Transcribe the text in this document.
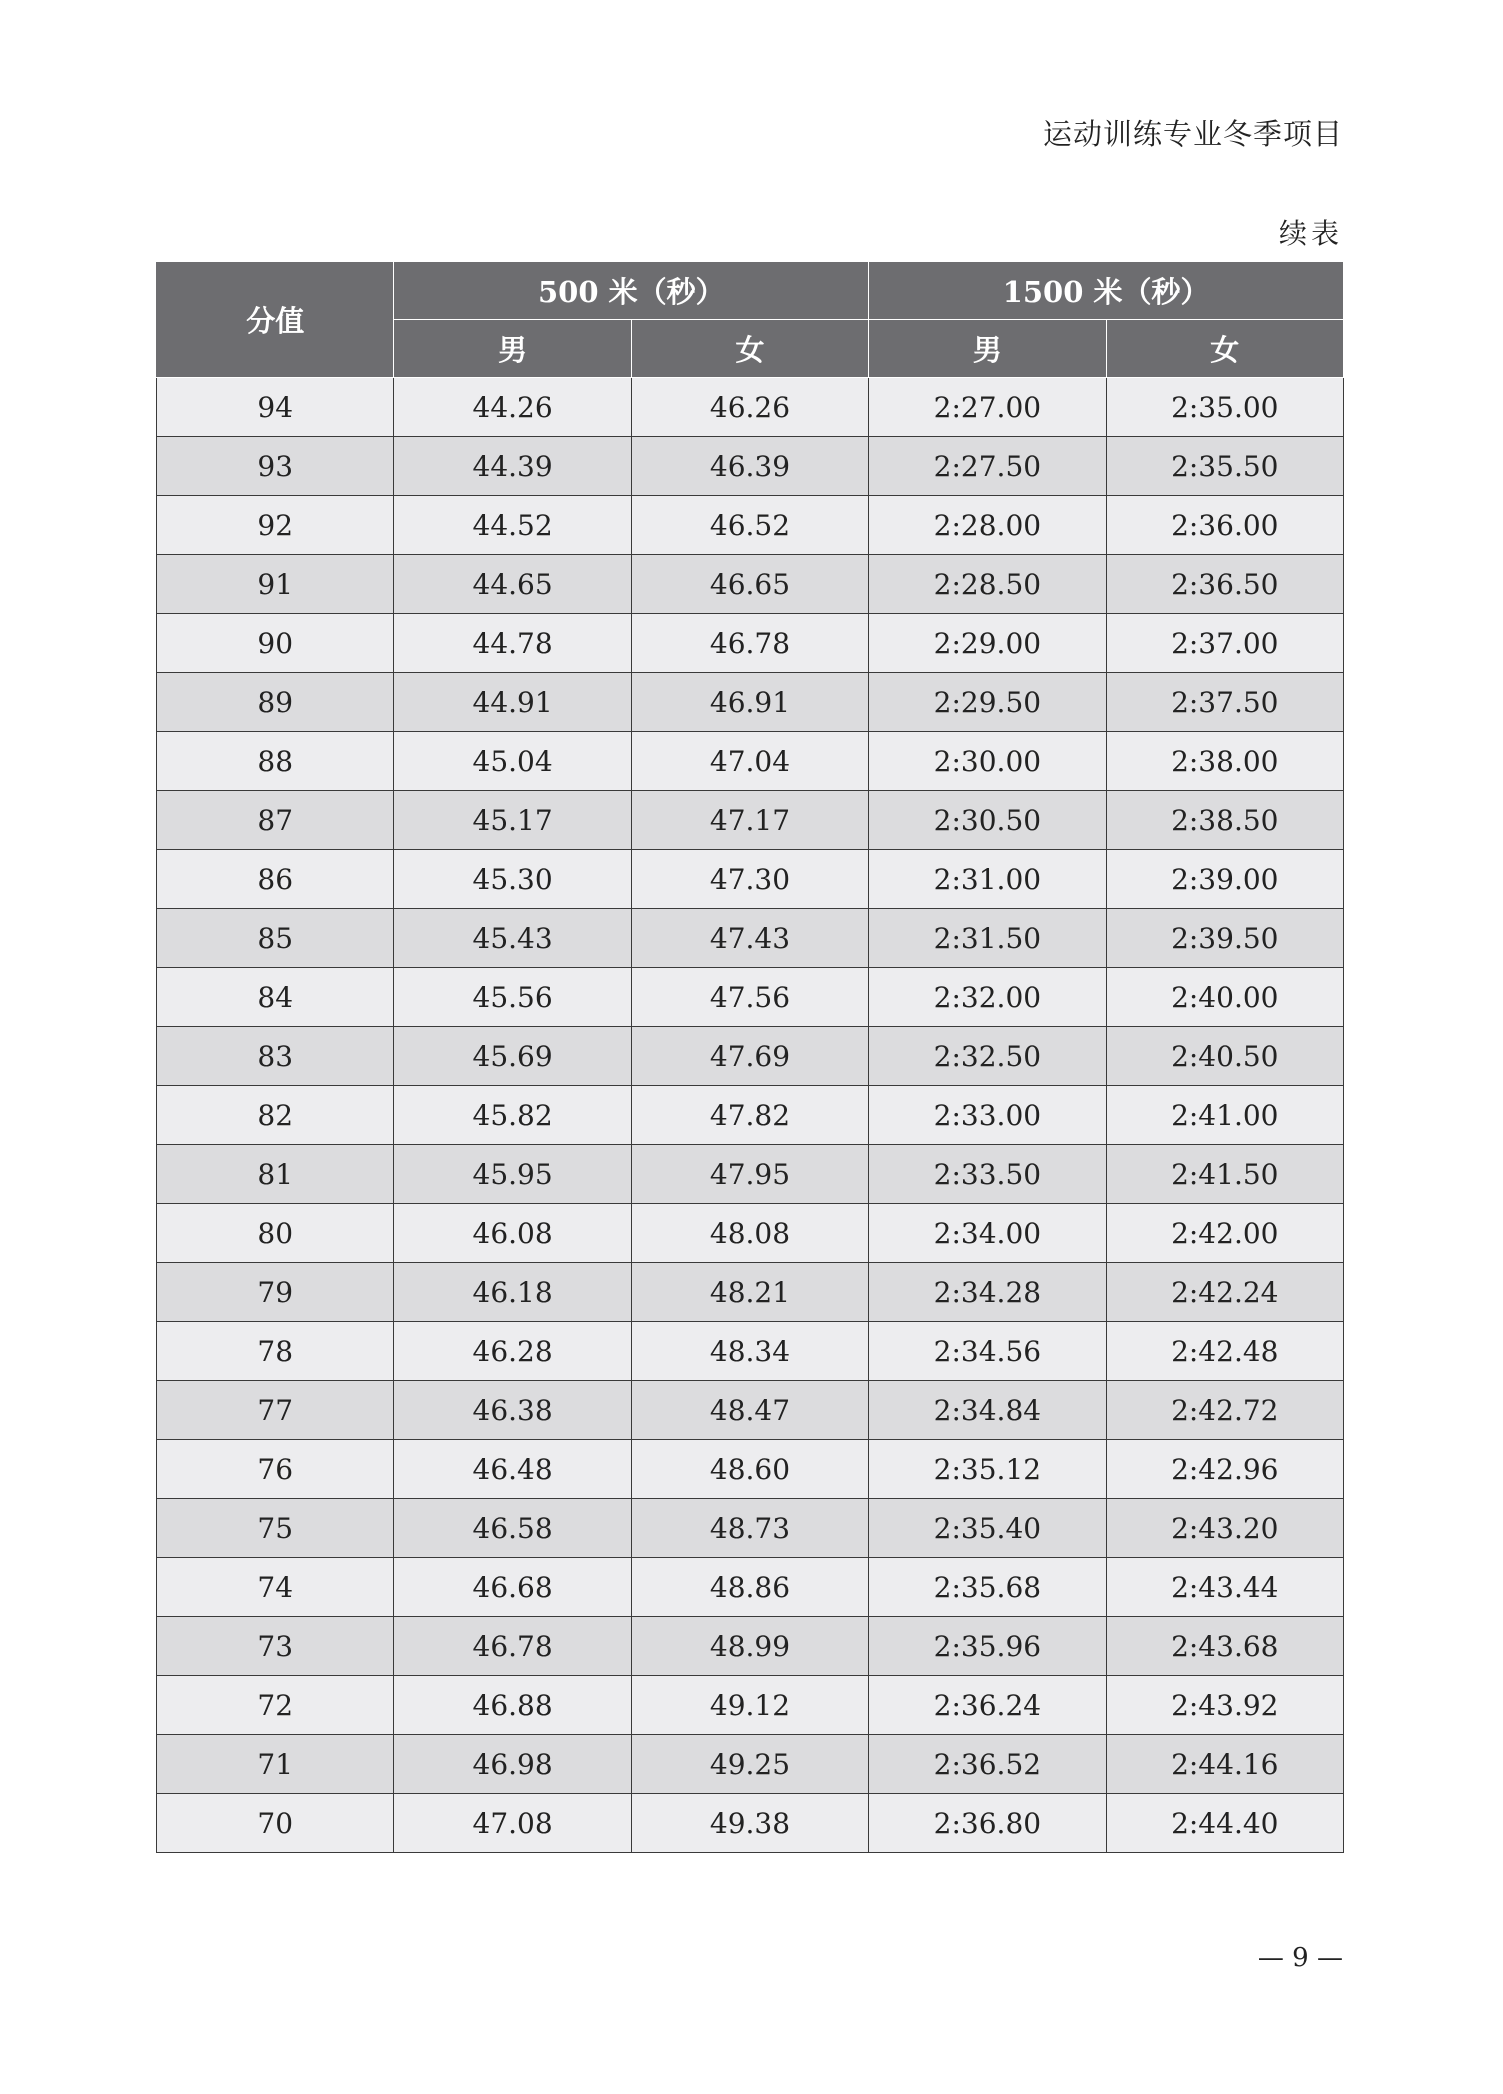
运动训练专业冬季项目
续表
分值	500 米（秒）		1500 米（秒）	
	男	女	男	女
94	44.26	46.26	2:27.00	2:35.00
93	44.39	46.39	2:27.50	2:35.50
92	44.52	46.52	2:28.00	2:36.00
91	44.65	46.65	2:28.50	2:36.50
90	44.78	46.78	2:29.00	2:37.00
89	44.91	46.91	2:29.50	2:37.50
88	45.04	47.04	2:30.00	2:38.00
87	45.17	47.17	2:30.50	2:38.50
86	45.30	47.30	2:31.00	2:39.00
85	45.43	47.43	2:31.50	2:39.50
84	45.56	47.56	2:32.00	2:40.00
83	45.69	47.69	2:32.50	2:40.50
82	45.82	47.82	2:33.00	2:41.00
81	45.95	47.95	2:33.50	2:41.50
80	46.08	48.08	2:34.00	2:42.00
79	46.18	48.21	2:34.28	2:42.24
78	46.28	48.34	2:34.56	2:42.48
77	46.38	48.47	2:34.84	2:42.72
76	46.48	48.60	2:35.12	2:42.96
75	46.58	48.73	2:35.40	2:43.20
74	46.68	48.86	2:35.68	2:43.44
73	46.78	48.99	2:35.96	2:43.68
72	46.88	49.12	2:36.24	2:43.92
71	46.98	49.25	2:36.52	2:44.16
70	47.08	49.38	2:36.80	2:44.40
— 9 —
